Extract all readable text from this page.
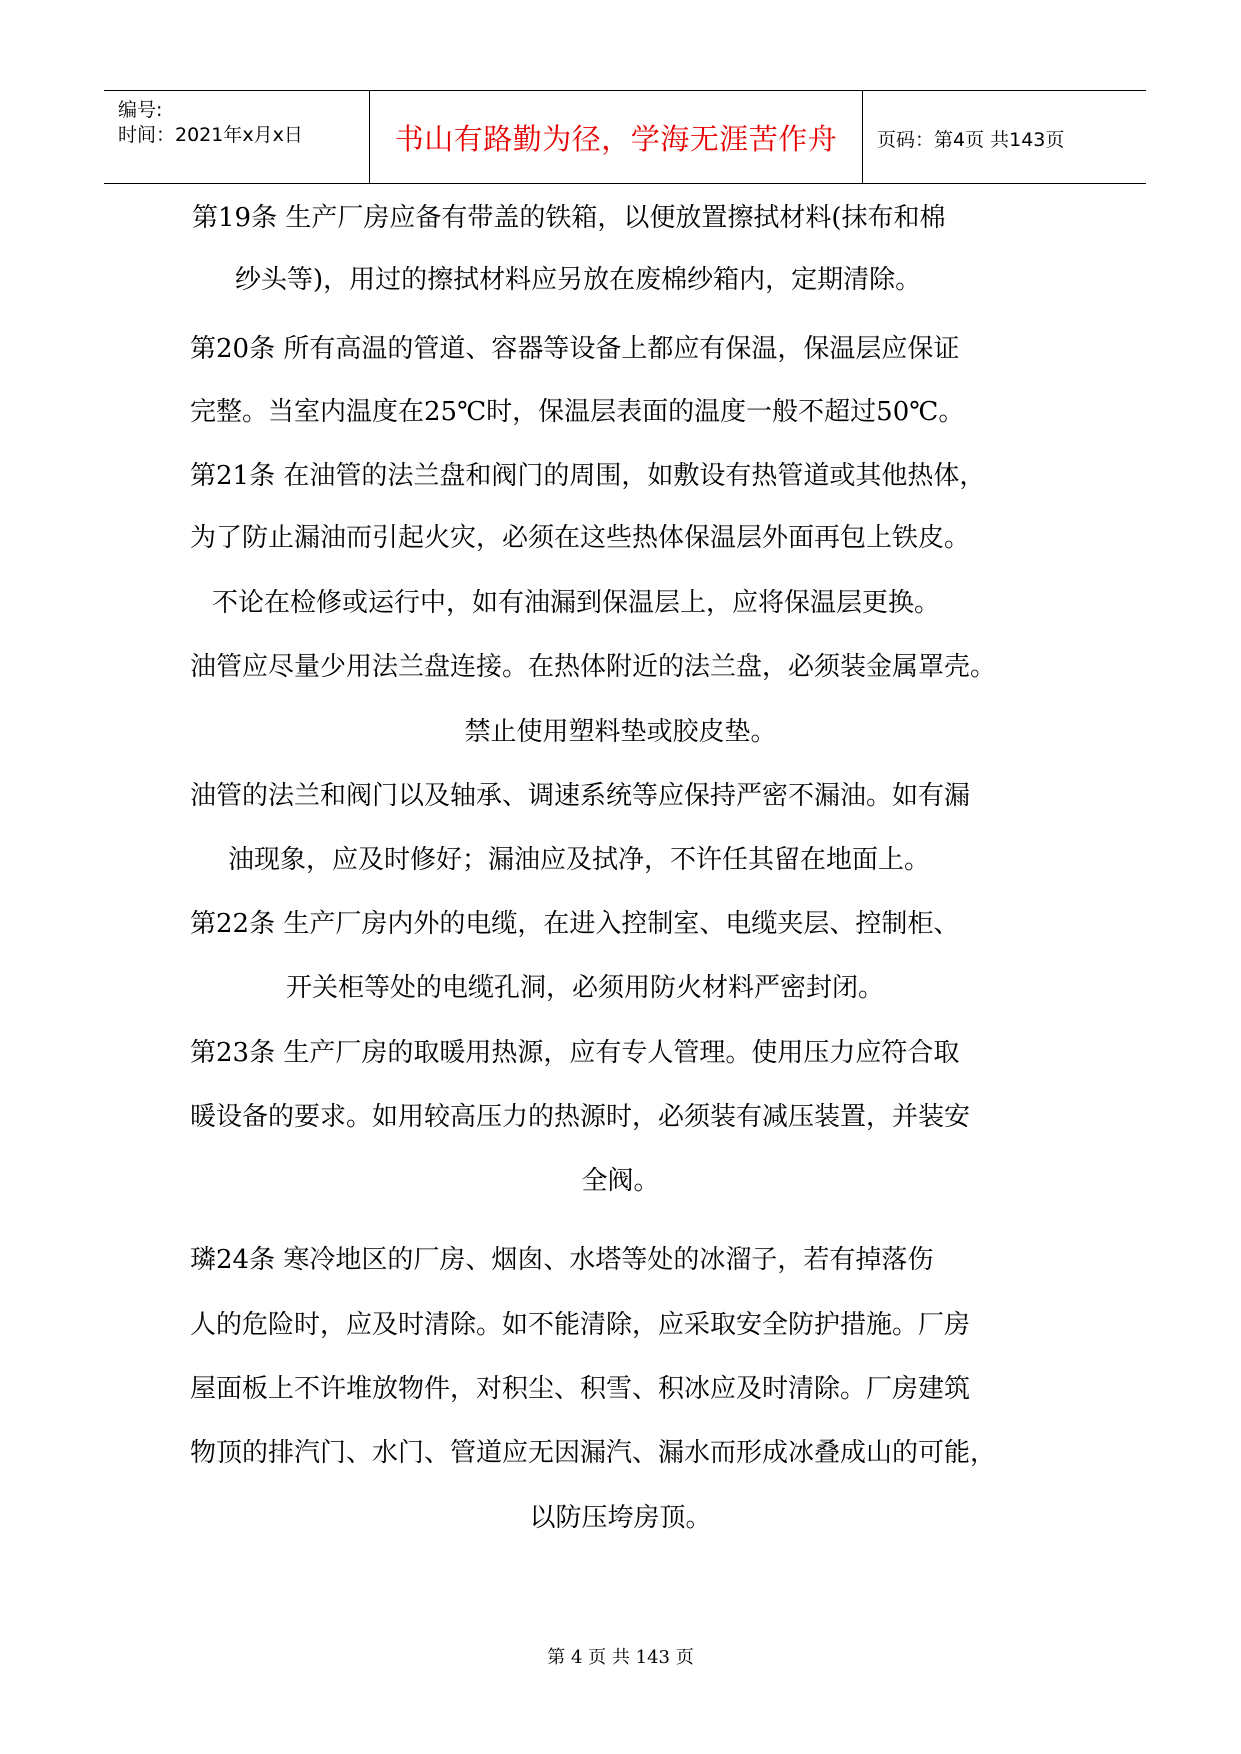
编号:
时间：2021年x月x日	书山有路勤为径，学海无涯苦作舟	页码：第4页 共143页
第19条 生产厂房应备有带盖的铁箱，以便放置擦拭材料(抹布和棉
纱头等)，用过的擦拭材料应另放在废棉纱箱内，定期清除。
第20条 所有高温的管道、容器等设备上都应有保温，保温层应保证
完整。当室内温度在25℃时，保温层表面的温度一般不超过50℃。
第21条 在油管的法兰盘和阀门的周围，如敷设有热管道或其他热体，
为了防止漏油而引起火灾，必须在这些热体保温层外面再包上铁皮。
不论在检修或运行中，如有油漏到保温层上，应将保温层更换。
油管应尽量少用法兰盘连接。在热体附近的法兰盘，必须装金属罩壳。
禁止使用塑料垫或胶皮垫。
油管的法兰和阀门以及轴承、调速系统等应保持严密不漏油。如有漏
油现象，应及时修好；漏油应及拭净，不许任其留在地面上。
第22条 生产厂房内外的电缆，在进入控制室、电缆夹层、控制柜、
开关柜等处的电缆孔洞，必须用防火材料严密封闭。
第23条 生产厂房的取暖用热源，应有专人管理。使用压力应符合取
暖设备的要求。如用较高压力的热源时，必须装有减压装置，并装安
全阀。
璘24条 寒冷地区的厂房、烟囱、水塔等处的冰溜子，若有掉落伤
人的危险时，应及时清除。如不能清除，应采取安全防护措施。厂房
屋面板上不许堆放物件，对积尘、积雪、积冰应及时清除。厂房建筑
物顶的排汽门、水门、管道应无因漏汽、漏水而形成冰叠成山的可能，
以防压垮房顶。
第 4 页 共 143 页
